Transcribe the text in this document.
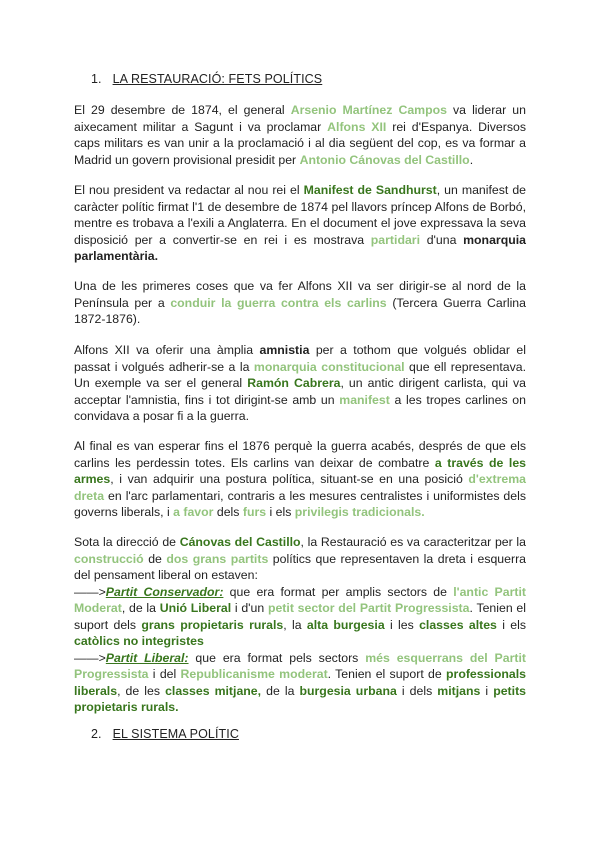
1. LA RESTAURACIÓ: FETS POLÍTICS
El 29 desembre de 1874, el general Arsenio Martínez Campos va liderar un aixecament militar a Sagunt i va proclamar Alfons XII rei d'Espanya. Diversos caps militars es van unir a la proclamació i al dia següent del cop, es va formar a Madrid un govern provisional presidit per Antonio Cánovas del Castillo.
El nou president va redactar al nou rei el Manifest de Sandhurst, un manifest de caràcter polític firmat l'1 de desembre de 1874 pel llavors príncep Alfons de Borbó, mentre es trobava a l'exili a Anglaterra. En el document el jove expressava la seva disposició per a convertir-se en rei i es mostrava partidari d'una monarquia parlamentària.
Una de les primeres coses que va fer Alfons XII va ser dirigir-se al nord de la Península per a conduir la guerra contra els carlins (Tercera Guerra Carlina 1872-1876).
Alfons XII va oferir una àmplia amnistia per a tothom que volgués oblidar el passat i volgués adherir-se a la monarquia constitucional que ell representava. Un exemple va ser el general Ramón Cabrera, un antic dirigent carlista, qui va acceptar l'amnistia, fins i tot dirigint-se amb un manifest a les tropes carlines on convidava a posar fi a la guerra.
Al final es van esperar fins el 1876 perquè la guerra acabés, després de que els carlins les perdessin totes. Els carlins van deixar de combatre a través de les armes, i van adquirir una postura política, situant-se en una posició d'extrema dreta en l'arc parlamentari, contraris a les mesures centralistes i uniformistes dels governs liberals, i a favor dels furs i els privilegis tradicionals.
Sota la direcció de Cánovas del Castillo, la Restauració es va caracteritzar per la construcció de dos grans partits polítics que representaven la dreta i esquerra del pensament liberal on estaven:
——>Partit Conservador: que era format per amplis sectors de l'antic Partit Moderat, de la Unió Liberal i d'un petit sector del Partit Progressista. Tenien el suport dels grans propietaris rurals, la alta burgesia i les classes altes i els catòlics no integristes
——>Partit Liberal: que era format pels sectors més esquerrans del Partit Progressista i del Republicanisme moderat. Tenien el suport de professionals liberals, de les classes mitjane, de la burgesia urbana i dels mitjans i petits propietaris rurals.
2. EL SISTEMA POLÍTIC
